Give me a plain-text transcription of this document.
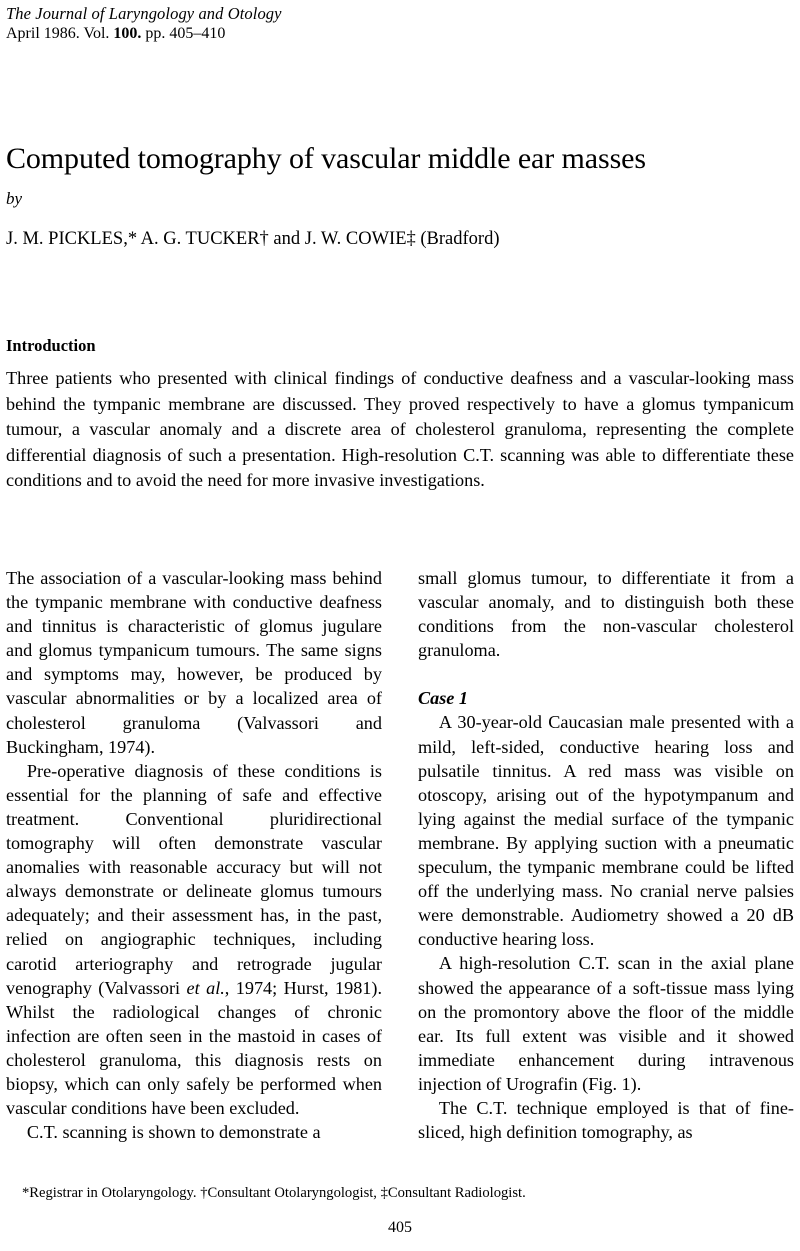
The Journal of Laryngology and Otology
April 1986. Vol. 100. pp. 405–410
Computed tomography of vascular middle ear masses
by
J. M. PICKLES,* A. G. TUCKER† and J. W. COWIE‡ (Bradford)
Introduction

Three patients who presented with clinical findings of conductive deafness and a vascular-looking mass behind the tympanic membrane are discussed. They proved respectively to have a glomus tympanicum tumour, a vascular anomaly and a discrete area of cholesterol granuloma, representing the complete differential diagnosis of such a presentation. High-resolution C.T. scanning was able to differentiate these conditions and to avoid the need for more invasive investigations.

The association of a vascular-looking mass behind the tympanic membrane with conductive deafness and tinnitus is characteristic of glomus jugulare and glomus tympanicum tumours. The same signs and symptoms may, however, be produced by vascular abnormalities or by a localized area of cholesterol granuloma (Valvassori and Buckingham, 1974).

Pre-operative diagnosis of these conditions is essential for the planning of safe and effective treatment. Conventional pluridirectional tomography will often demonstrate vascular anomalies with reasonable accuracy but will not always demonstrate or delineate glomus tumours adequately; and their assessment has, in the past, relied on angiographic techniques, including carotid arteriography and retrograde jugular venography (Valvassori et al., 1974; Hurst, 1981). Whilst the radiological changes of chronic infection are often seen in the mastoid in cases of cholesterol granuloma, this diagnosis rests on biopsy, which can only safely be performed when vascular conditions have been excluded.

C.T. scanning is shown to demonstrate a

small glomus tumour, to differentiate it from a vascular anomaly, and to distinguish both these conditions from the non-vascular cholesterol granuloma.

Case 1

A 30-year-old Caucasian male presented with a mild, left-sided, conductive hearing loss and pulsatile tinnitus. A red mass was visible on otoscopy, arising out of the hypotympanum and lying against the medial surface of the tympanic membrane. By applying suction with a pneumatic speculum, the tympanic membrane could be lifted off the underlying mass. No cranial nerve palsies were demonstrable. Audiometry showed a 20 dB conductive hearing loss.

A high-resolution C.T. scan in the axial plane showed the appearance of a soft-tissue mass lying on the promontory above the floor of the middle ear. Its full extent was visible and it showed immediate enhancement during intravenous injection of Urografin (Fig. 1).

The C.T. technique employed is that of fine-sliced, high definition tomography, as

*Registrar in Otolaryngology. †Consultant Otolaryngologist, ‡Consultant Radiologist.
405
